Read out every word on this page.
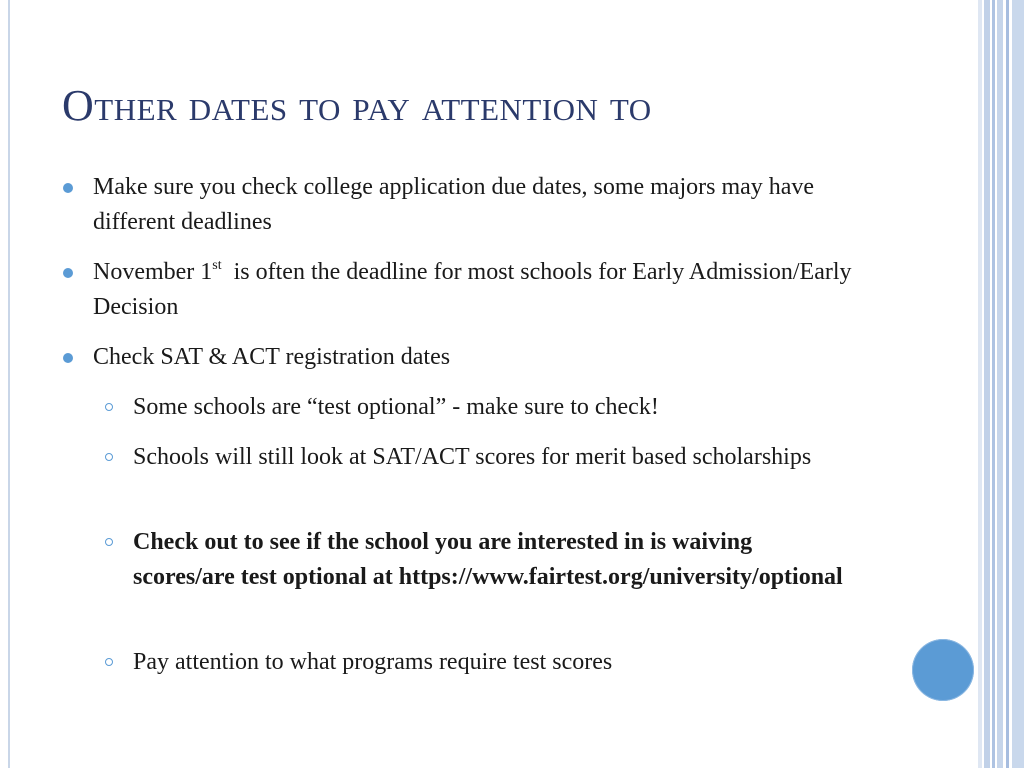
Other dates to pay attention to
Make sure you check college application due dates, some majors may have different deadlines
November 1st  is often the deadline for most schools for Early Admission/Early Decision
Check SAT & ACT registration dates
Some schools are “test optional” - make sure to check!
Schools will still look at SAT/ACT scores for merit based scholarships
Check out to see if the school you are interested in is waiving scores/are test optional at https://www.fairtest.org/university/optional
Pay attention to what programs require test scores
